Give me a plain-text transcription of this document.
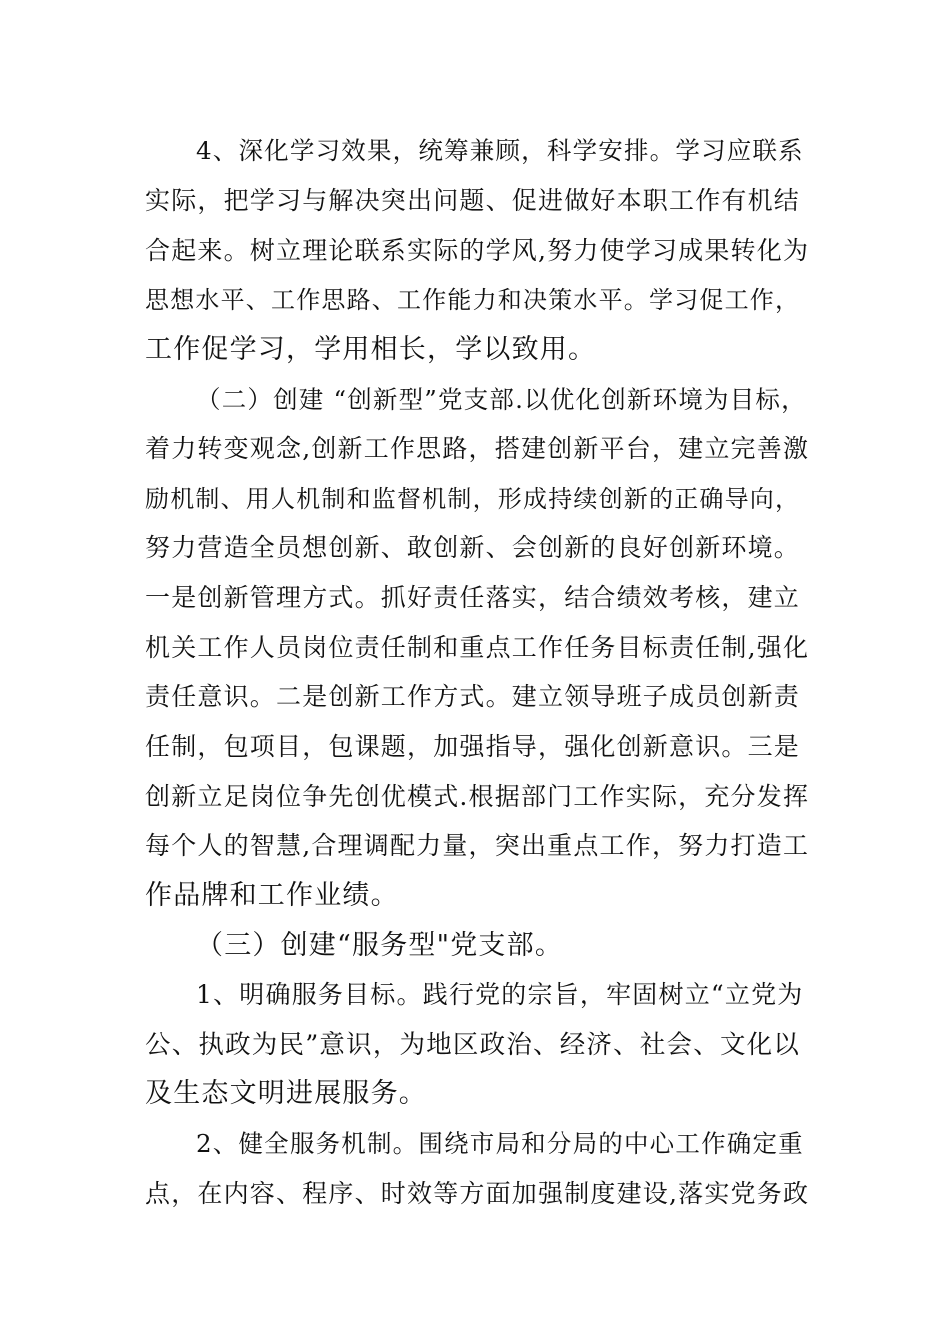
4、深化学习效果，统筹兼顾，科学安排。学习应联系
实际，把学习与解决突出问题、促进做好本职工作有机结
合起来。树立理论联系实际的学风,努力使学习成果转化为
思想水平、工作思路、工作能力和决策水平。学习促工作，
工作促学习，学用相长，学以致用。
（二）创建 “创新型”党支部.以优化创新环境为目标，
着力转变观念,创新工作思路，搭建创新平台，建立完善激
励机制、用人机制和监督机制，形成持续创新的正确导向，
努力营造全员想创新、敢创新、会创新的良好创新环境。
一是创新管理方式。抓好责任落实，结合绩效考核，建立
机关工作人员岗位责任制和重点工作任务目标责任制,强化
责任意识。二是创新工作方式。建立领导班子成员创新责
任制，包项目，包课题，加强指导，强化创新意识。三是
创新立足岗位争先创优模式.根据部门工作实际，充分发挥
每个人的智慧,合理调配力量，突出重点工作，努力打造工
作品牌和工作业绩。
（三）创建“服务型"党支部。
1、明确服务目标。践行党的宗旨，牢固树立“立党为
公、执政为民”意识，为地区政治、经济、社会、文化以
及生态文明进展服务。
2、健全服务机制。围绕市局和分局的中心工作确定重
点，在内容、程序、时效等方面加强制度建设,落实党务政
